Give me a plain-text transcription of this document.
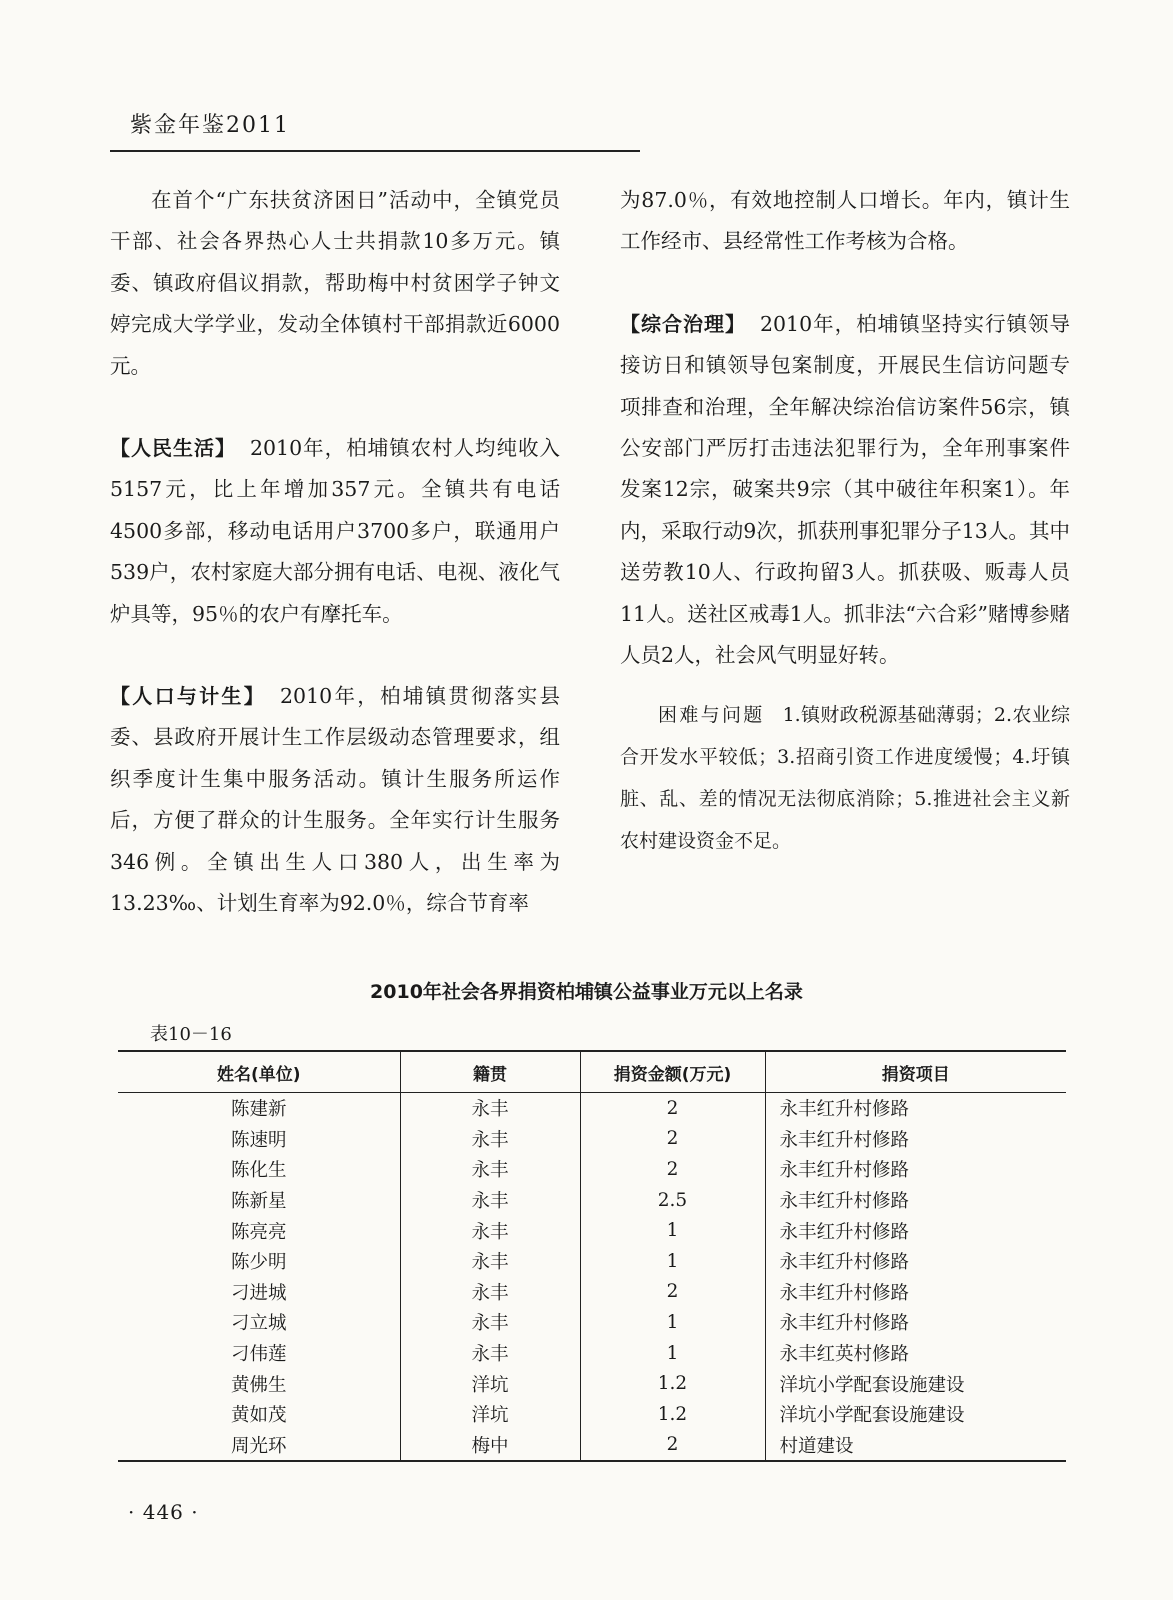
紫金年鉴2011

在首个“广东扶贫济困日”活动中，全镇党员干部、社会各界热心人士共捐款10多万元。镇委、镇政府倡议捐款，帮助梅中村贫困学子钟文婷完成大学学业，发动全体镇村干部捐款近6000元。

【人民生活】 2010年，柏埔镇农村人均纯收入5157元，比上年增加357元。全镇共有电话4500多部，移动电话用户3700多户，联通用户539户，农村家庭大部分拥有电话、电视、液化气炉具等，95％的农户有摩托车。

【人口与计生】 2010年，柏埔镇贯彻落实县委、县政府开展计生工作层级动态管理要求，组织季度计生集中服务活动。镇计生服务所运作后，方便了群众的计生服务。全年实行计生服务346例。全镇出生人口380人，出生率为13.23‰、计划生育率为92.0％，综合节育率

为87.0％，有效地控制人口增长。年内，镇计生工作经市、县经常性工作考核为合格。

【综合治理】 2010年，柏埔镇坚持实行镇领导接访日和镇领导包案制度，开展民生信访问题专项排查和治理，全年解决综治信访案件56宗，镇公安部门严厉打击违法犯罪行为，全年刑事案件发案12宗，破案共9宗（其中破往年积案1）。年内，采取行动9次，抓获刑事犯罪分子13人。其中送劳教10人、行政拘留3人。抓获吸、贩毒人员11人。送社区戒毒1人。抓非法“六合彩”赌博参赌人员2人，社会风气明显好转。

困难与问题 1.镇财政税源基础薄弱；2.农业综合开发水平较低；3.招商引资工作进度缓慢；4.圩镇脏、乱、差的情况无法彻底消除；5.推进社会主义新农村建设资金不足。

2010年社会各界捐资柏埔镇公益事业万元以上名录
表10－16
姓名(单位)	籍贯	捐资金额(万元)	捐资项目
陈建新	永丰	2	永丰红升村修路
陈速明	永丰	2	永丰红升村修路
陈化生	永丰	2	永丰红升村修路
陈新星	永丰	2.5	永丰红升村修路
陈亮亮	永丰	1	永丰红升村修路
陈少明	永丰	1	永丰红升村修路
刁进城	永丰	2	永丰红升村修路
刁立城	永丰	1	永丰红升村修路
刁伟莲	永丰	1	永丰红英村修路
黄佛生	洋坑	1.2	洋坑小学配套设施建设
黄如茂	洋坑	1.2	洋坑小学配套设施建设
周光环	梅中	2	村道建设
· 446 ·
